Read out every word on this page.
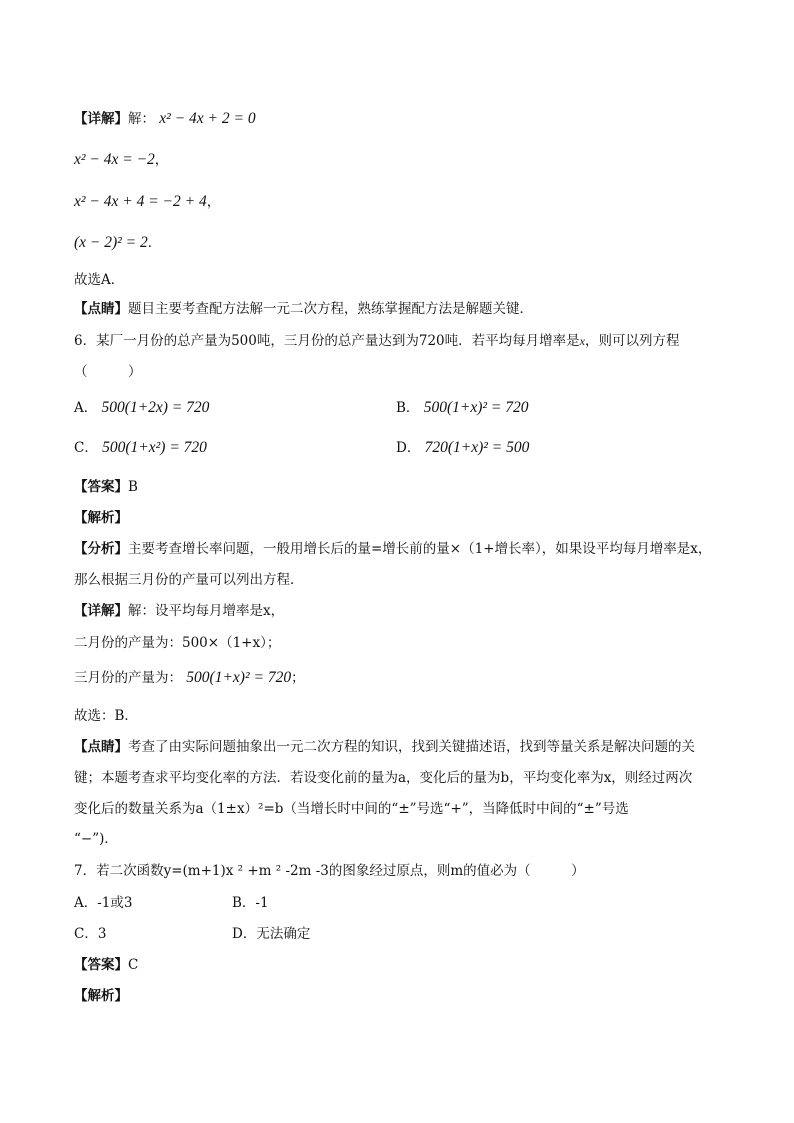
【详解】解： x² − 4x + 2 = 0
x² − 4x = −2，
x² − 4x + 4 = −2 + 4，
(x − 2)² = 2．
故选A．
【点睛】题目主要考查配方法解一元二次方程，熟练掌握配方法是解题关键．
6．某厂一月份的总产量为500吨，三月份的总产量达到为720吨．若平均每月增率是x，则可以列方程
（　　　）
A． 500(1+2x) = 720	B． 500(1+x)² = 720
C． 500(1+x²) = 720	D． 720(1+x)² = 500
【答案】B
【解析】
【分析】主要考查增长率问题，一般用增长后的量=增长前的量×（1+增长率），如果设平均每月增率是x，
那么根据三月份的产量可以列出方程．
【详解】解：设平均每月增率是x，
二月份的产量为：500×（1+x）；
三月份的产量为： 500(1+x)² = 720；
故选：B．
【点睛】考查了由实际问题抽象出一元二次方程的知识，找到关键描述语，找到等量关系是解决问题的关
键；本题考查求平均变化率的方法．若设变化前的量为a，变化后的量为b，平均变化率为x，则经过两次
变化后的数量关系为a（1±x）²=b（当增长时中间的“±”号选“+”，当降低时中间的“±”号选
“−”)．
7．若二次函数y=(m+1)x ² +m ² -2m -3的图象经过原点，则m的值必为（　　　）
A．-1或3	B．-1
C．3	D．无法确定
【答案】C
【解析】
